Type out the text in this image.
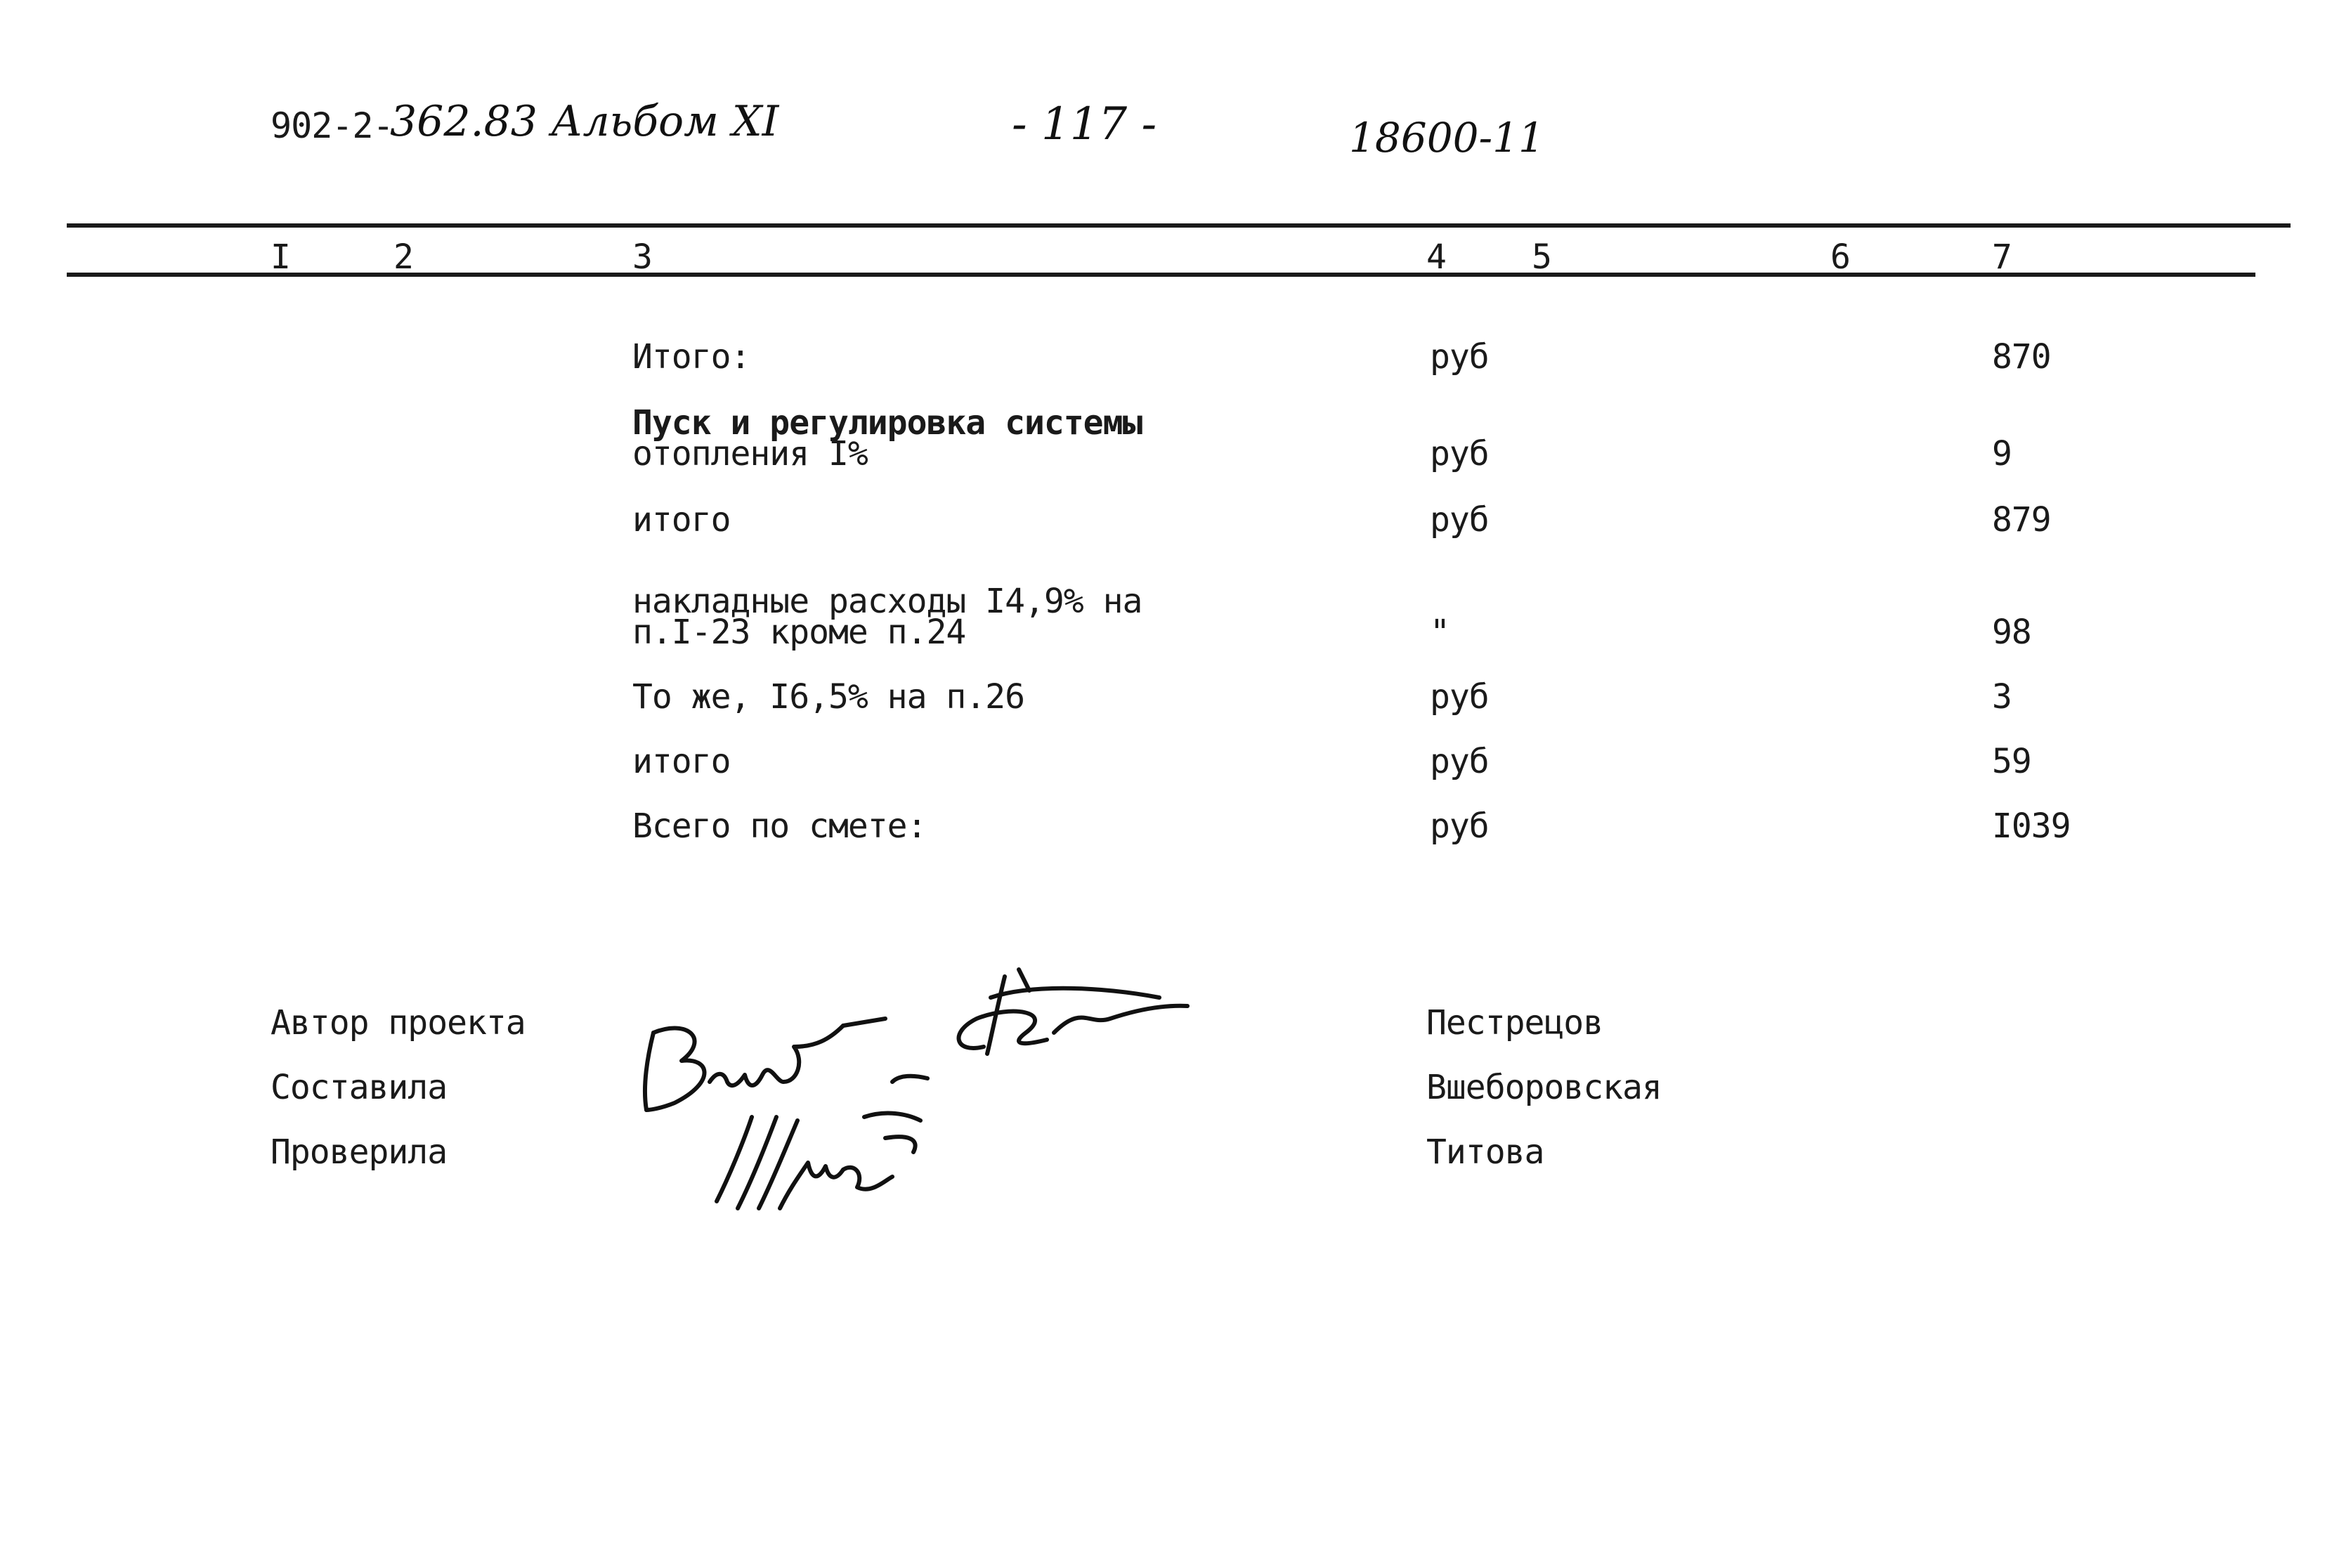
902-2-
362.83 Альбом XI	- 117 -	18600-11
I	2	3	4	5	6	7
Итого:	руб	870
Пуск и регулировка системы
отопления I%	руб	9
итого	руб	879
накладные расходы I4,9% на
п.I-23 кроме п.24	"	98
То же, I6,5% на п.26	руб	3
итого	руб	59
Всего по смете:	руб	I039
Автор проекта	Пестрецов
Составила	Вшеборовская
Проверила	Титова
